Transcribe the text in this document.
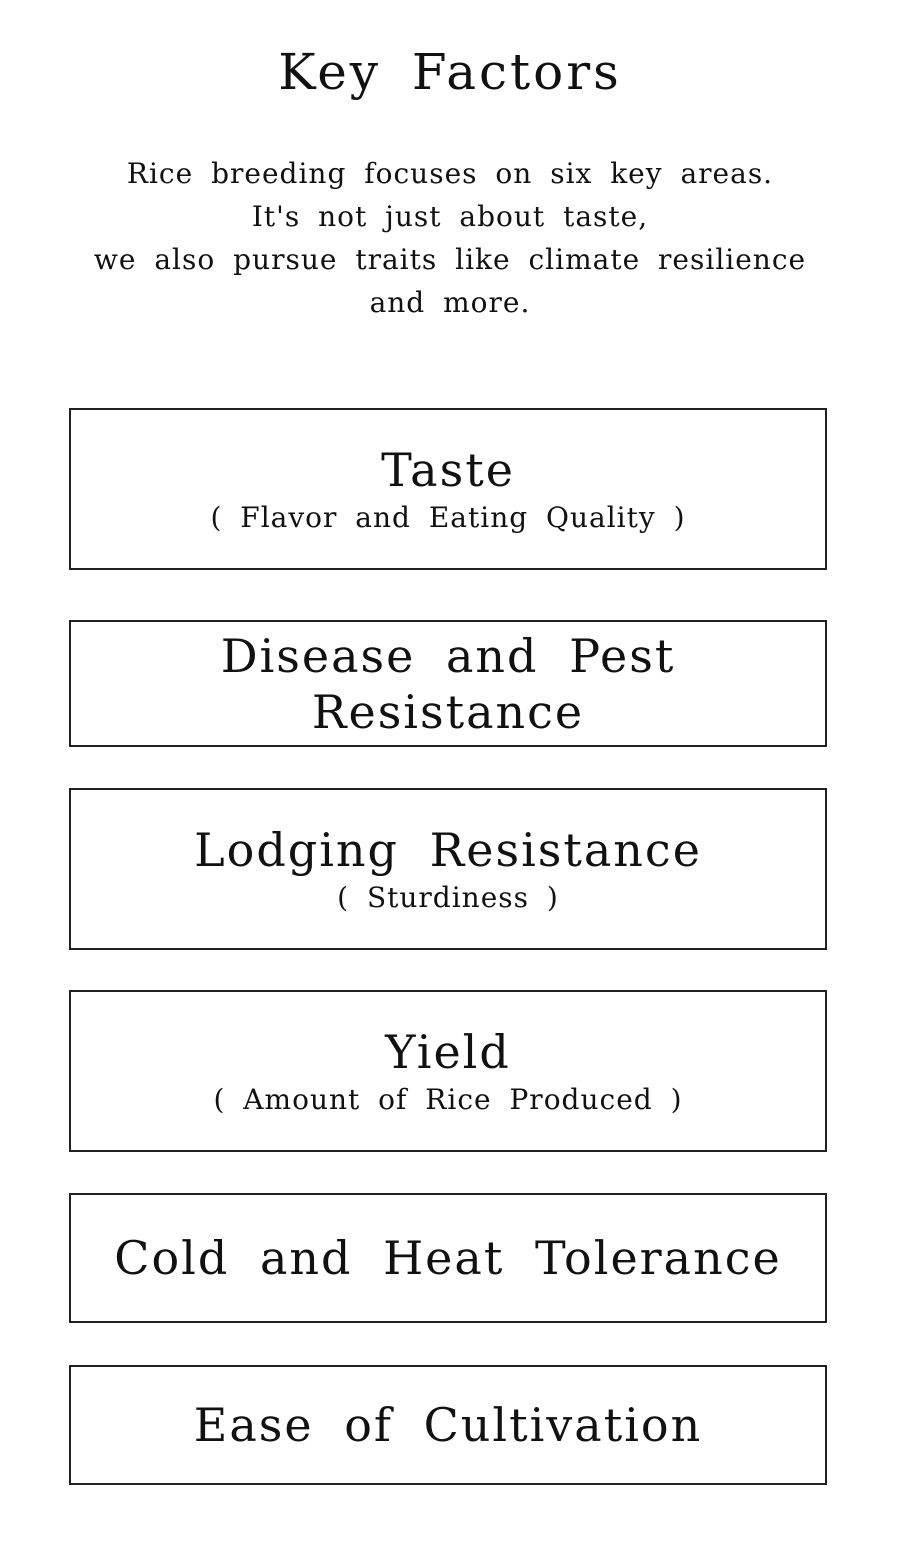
Key Factors
Rice breeding focuses on six key areas.
It's not just about taste,
we also pursue traits like climate resilience
and more.
Taste
( Flavor and Eating Quality )
Disease and Pest Resistance
Lodging Resistance
( Sturdiness )
Yield
( Amount of Rice Produced )
Cold and Heat Tolerance
Ease of Cultivation
